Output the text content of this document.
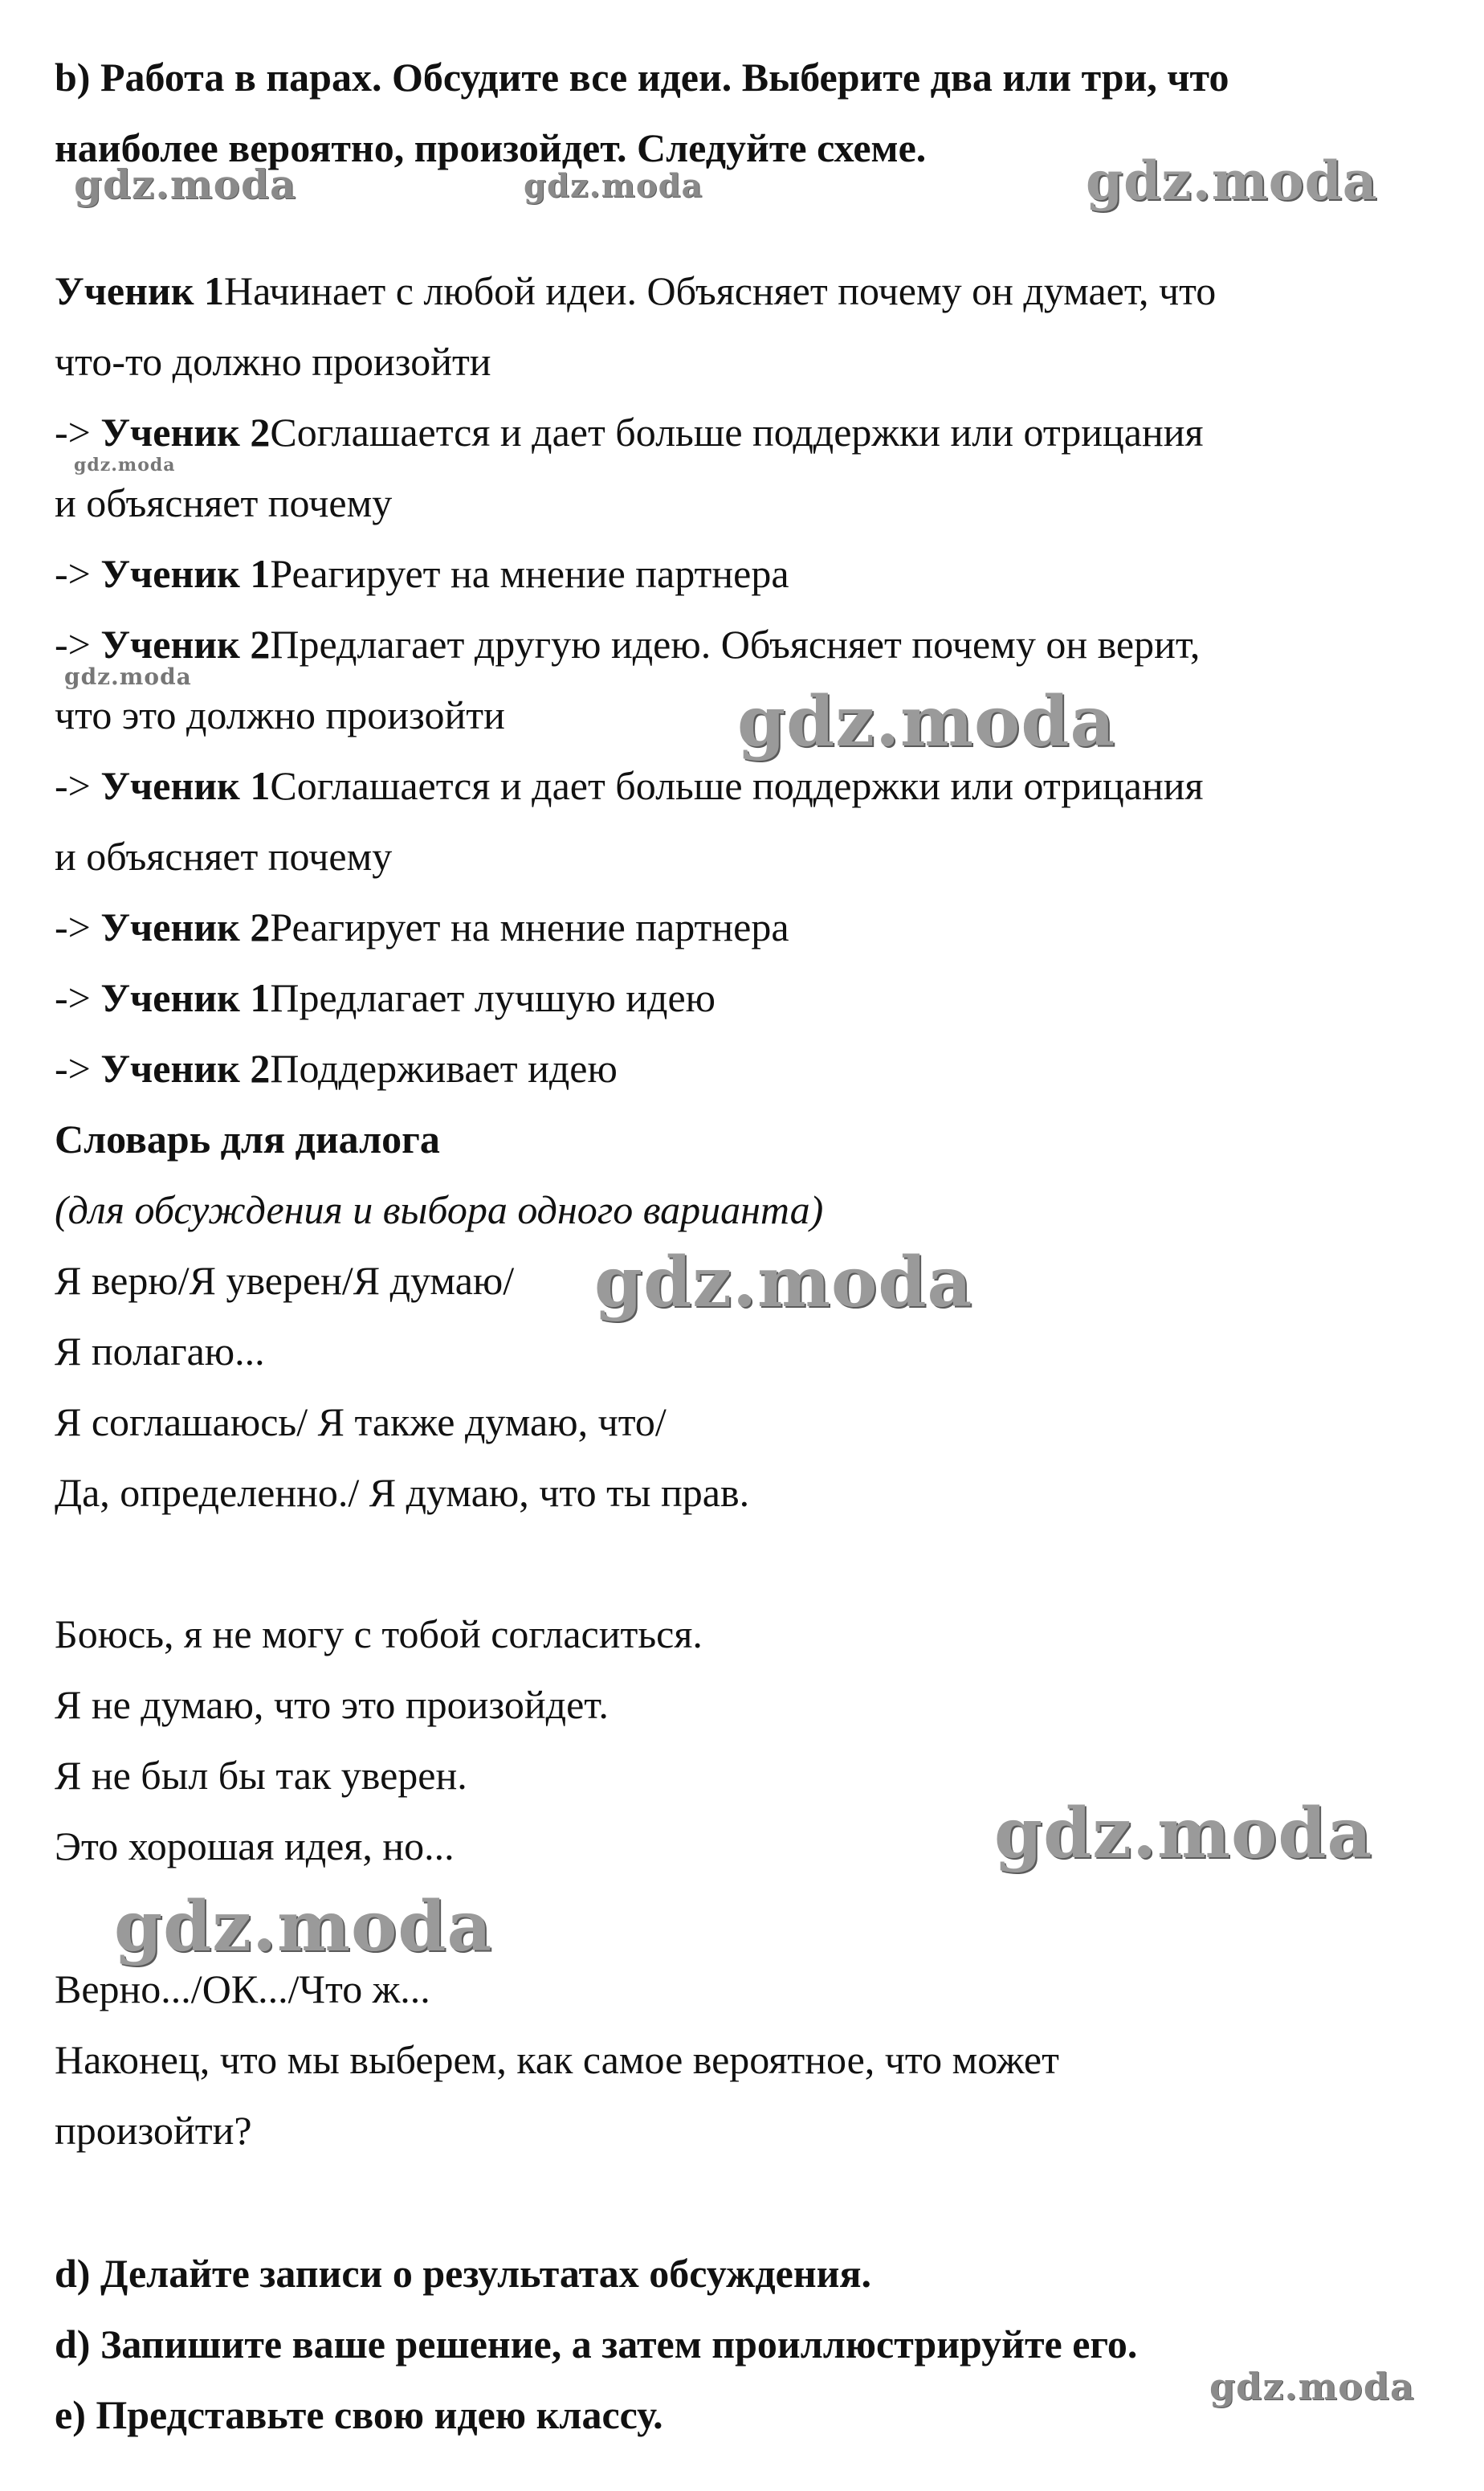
b) Работа в парах. Обсудите все идеи. Выберите два или три, что

наиболее вероятно, произойдет. Следуйте схеме.

Ученик 1Начинает с любой идеи. Объясняет почему он думает, что

что-то должно произойти

-> Ученик 2Соглашается и дает больше поддержки или отрицания

и объясняет почему

-> Ученик 1Реагирует на мнение партнера

-> Ученик 2Предлагает другую идею. Объясняет почему он верит,

что это должно произойти

-> Ученик 1Соглашается и дает больше поддержки или отрицания

и объясняет почему

-> Ученик 2Реагирует на мнение партнера

-> Ученик 1Предлагает лучшую идею

-> Ученик 2Поддерживает идею

Словарь для диалога

(для обсуждения и выбора одного варианта)

Я верю/Я уверен/Я думаю/

Я полагаю...

Я соглашаюсь/ Я также думаю, что/

Да, определенно./ Я думаю, что ты прав.

Боюсь, я не могу с тобой согласиться.

Я не думаю, что это произойдет.

Я не был бы так уверен.

Это хорошая идея, но...

Верно.../ОК.../Что ж...

Наконец, что мы выберем, как самое вероятное, что может

произойти?

d) Делайте записи о результатах обсуждения.

d) Запишите ваше решение, а затем проиллюстрируйте его.

e) Представьте свою идею классу.

gdz.moda	gdz.moda	gdz.moda
gdz.moda
gdz.moda
gdz.moda
gdz.moda
gdz.moda
gdz.moda
gdz.moda
